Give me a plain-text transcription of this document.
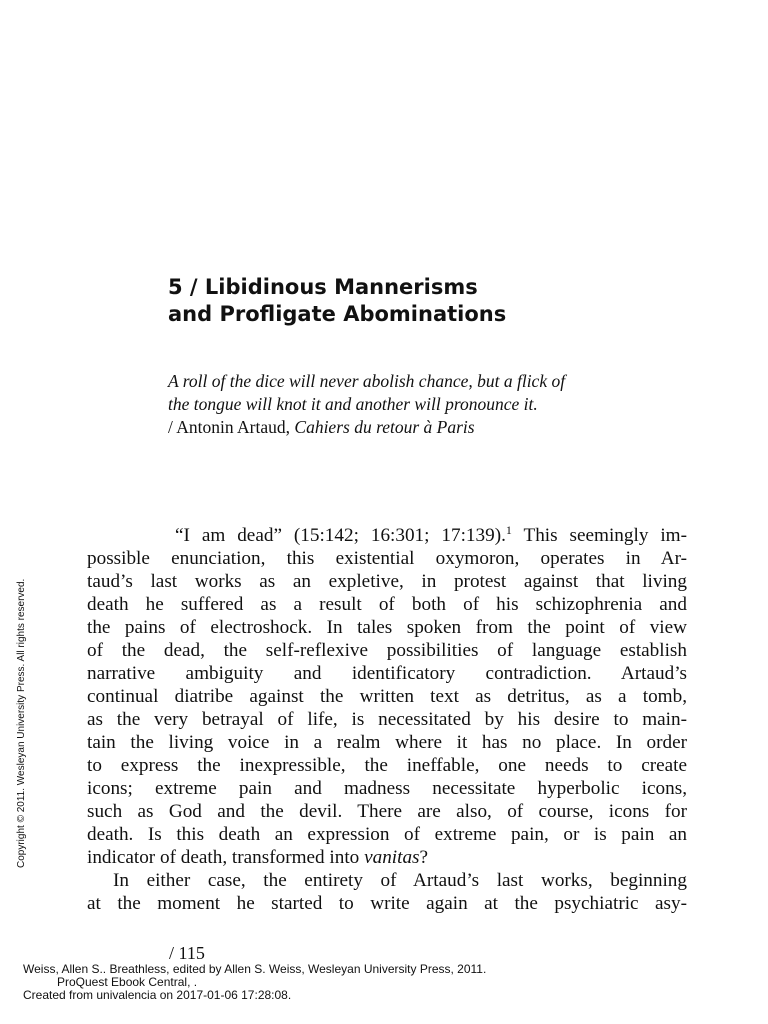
5 / Libidinous Mannerisms
and Profligate Abominations
A roll of the dice will never abolish chance, but a flick of
the tongue will knot it and another will pronounce it.
/ Antonin Artaud, Cahiers du retour à Paris
“I am dead” (15:142; 16:301; 17:139).$^1$ This seemingly im-
possible enunciation, this existential oxymoron, operates in Ar-
taud’s last works as an expletive, in protest against that living
death he suffered as a result of both of his schizophrenia and
the pains of electroshock. In tales spoken from the point of view
of the dead, the self-reflexive possibilities of language establish
narrative ambiguity and identificatory contradiction. Artaud’s
continual diatribe against the written text as detritus, as a tomb,
as the very betrayal of life, is necessitated by his desire to main-
tain the living voice in a realm where it has no place. In order
to express the inexpressible, the ineffable, one needs to create
icons; extreme pain and madness necessitate hyperbolic icons,
such as God and the devil. There are also, of course, icons for
death. Is this death an expression of extreme pain, or is pain an
indicator of death, transformed into vanitas?
In either case, the entirety of Artaud’s last works, beginning
at the moment he started to write again at the psychiatric asy-
/ 115
Copyright © 2011. Wesleyan University Press. All rights reserved.
Weiss, Allen S.. Breathless, edited by Allen S. Weiss, Wesleyan University Press, 2011.
ProQuest Ebook Central, .
Created from univalencia on 2017-01-06 17:28:08.
